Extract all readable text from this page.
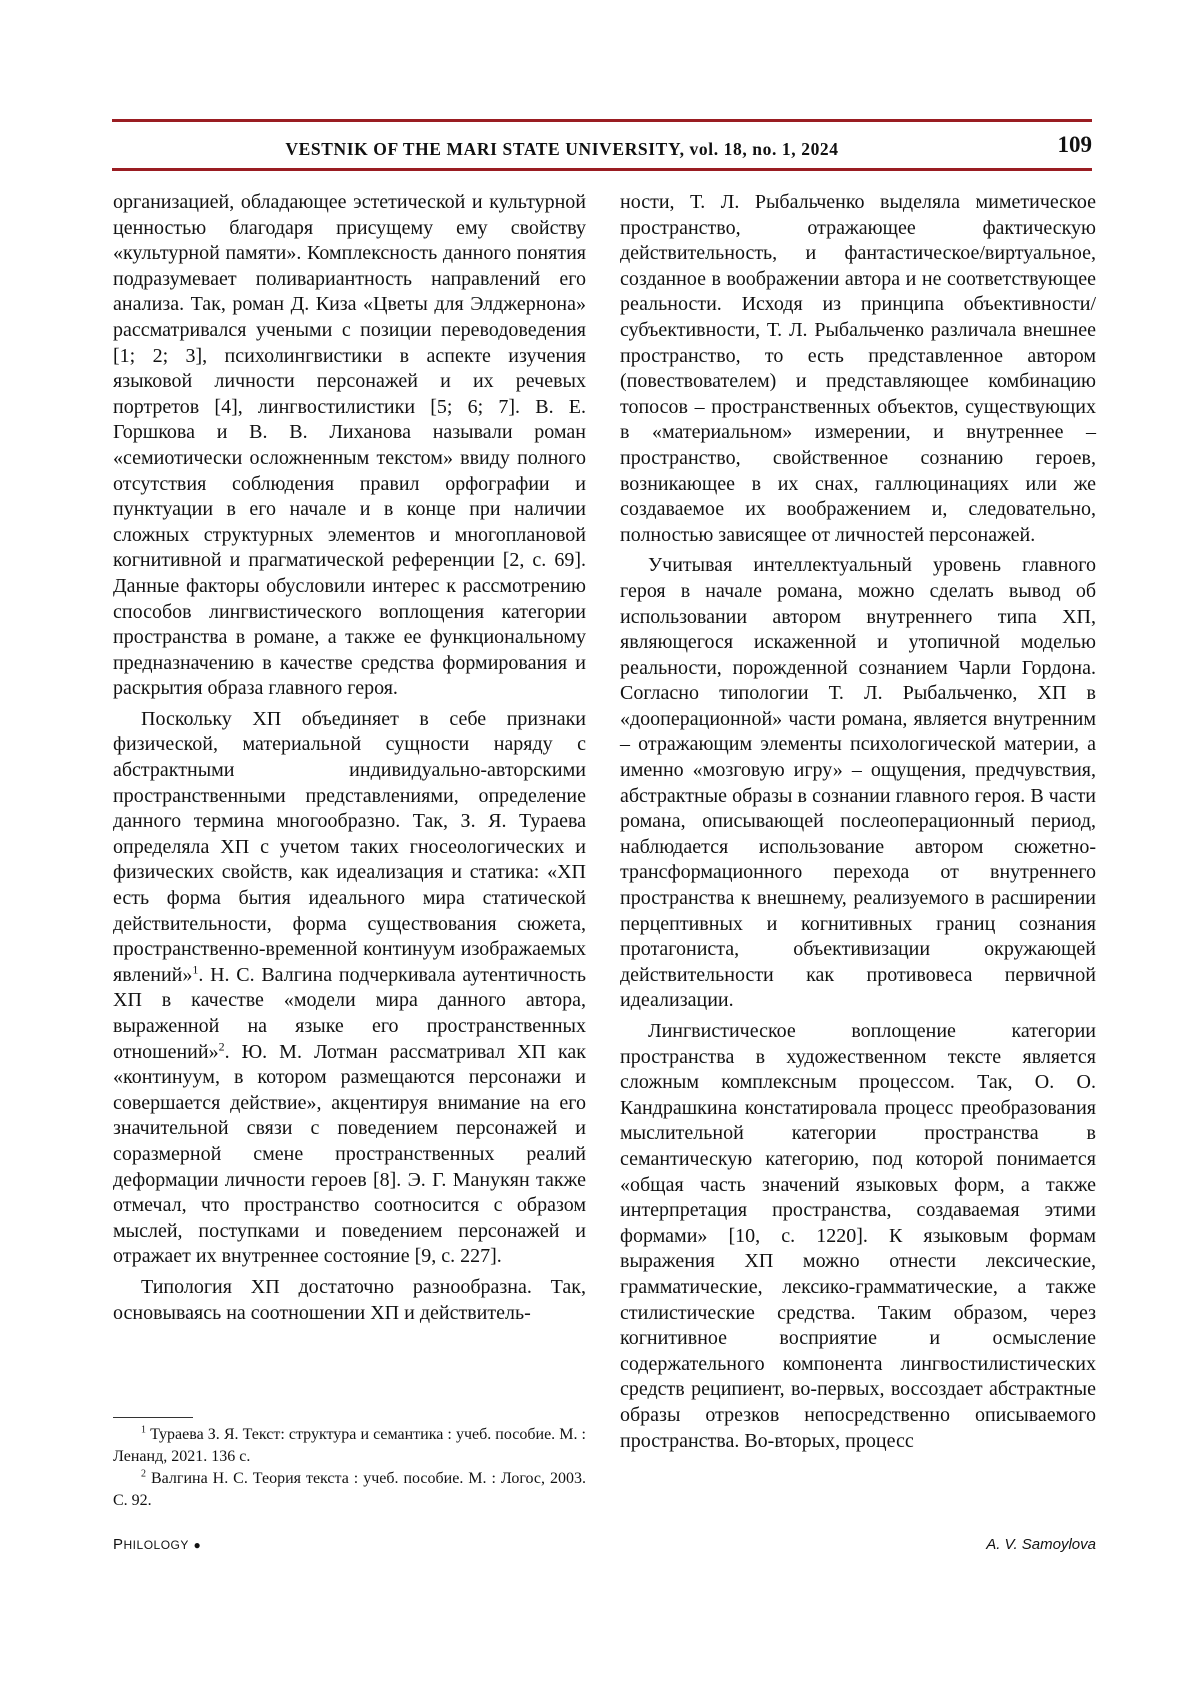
VESTNIK OF THE MARI STATE UNIVERSITY, vol. 18, no. 1, 2024	109

организацией, обладающее эстетической и культурной ценностью благодаря присущему ему свойству «культурной памяти». Комплексность данного понятия подразумевает поливариантность направлений его анализа. Так, роман Д. Киза «Цветы для Элджернона» рассматривался учеными с позиции переводоведения [1; 2; 3], психолингвистики в аспекте изучения языковой личности персонажей и их речевых портретов [4], лингвостилистики [5; 6; 7]. В. Е. Горшкова и В. В. Лиханова называли роман «семиотически осложненным текстом» ввиду полного отсутствия соблюдения правил орфографии и пунктуации в его начале и в конце при наличии сложных структурных элементов и многоплановой когнитивной и прагматической референции [2, с. 69]. Данные факторы обусловили интерес к рассмотрению способов лингвистического воплощения категории пространства в романе, а также ее функциональному предназначению в качестве средства формирования и раскрытия образа главного героя.

Поскольку ХП объединяет в себе признаки физической, материальной сущности наряду с абстрактными индивидуально-авторскими пространственными представлениями, определение данного термина многообразно. Так, З. Я. Тураева определяла ХП с учетом таких гносеологических и физических свойств, как идеализация и статика: «ХП есть форма бытия идеального мира статической действительности, форма существования сюжета, пространственно-временной континуум изображаемых явлений»$^1$. Н. С. Валгина подчеркивала аутентичность ХП в качестве «модели мира данного автора, выраженной на языке его пространственных отношений»$^2$. Ю. М. Лотман рассматривал ХП как «континуум, в котором размещаются персонажи и совершается действие», акцентируя внимание на его значительной связи с поведением персонажей и соразмерной смене пространственных реалий деформации личности героев [8]. Э. Г. Манукян также отмечал, что пространство соотносится с образом мыслей, поступками и поведением персонажей и отражает их внутреннее состояние [9, с. 227].

Типология ХП достаточно разнообразна. Так, основываясь на соотношении ХП и действитель-

$^1$ Тураева З. Я. Текст: структура и семантика : учеб. пособие. М. : Ленанд, 2021. 136 с.

$^2$ Валгина Н. С. Теория текста : учеб. пособие. М. : Логос, 2003. С. 92.

ности, Т. Л. Рыбальченко выделяла миметическое пространство, отражающее фактическую действительность, и фантастическое/виртуальное, созданное в воображении автора и не соответствующее реальности. Исходя из принципа объективности/субъективности, Т. Л. Рыбальченко различала внешнее пространство, то есть представленное автором (повествователем) и представляющее комбинацию топосов – пространственных объектов, существующих в «материальном» измерении, и внутреннее – пространство, свойственное сознанию героев, возникающее в их снах, галлюцинациях или же создаваемое их воображением и, следовательно, полностью зависящее от личностей персонажей.

Учитывая интеллектуальный уровень главного героя в начале романа, можно сделать вывод об использовании автором внутреннего типа ХП, являющегося искаженной и утопичной моделью реальности, порожденной сознанием Чарли Гордона. Согласно типологии Т. Л. Рыбальченко, ХП в «дооперационной» части романа, является внутренним – отражающим элементы психологической материи, а именно «мозговую игру» – ощущения, предчувствия, абстрактные образы в сознании главного героя. В части романа, описывающей послеоперационный период, наблюдается использование автором сюжетно-трансформационного перехода от внутреннего пространства к внешнему, реализуемого в расширении перцептивных и когнитивных границ сознания протагониста, объективизации окружающей действительности как противовеса первичной идеализации.

Лингвистическое воплощение категории пространства в художественном тексте является сложным комплексным процессом. Так, О. О. Кандрашкина констатировала процесс преобразования мыслительной категории пространства в семантическую категорию, под которой понимается «общая часть значений языковых форм, а также интерпретация пространства, создаваемая этими формами» [10, с. 1220]. К языковым формам выражения ХП можно отнести лексические, грамматические, лексико-грамматические, а также стилистические средства. Таким образом, через когнитивное восприятие и осмысление содержательного компонента лингвостилистических средств реципиент, во-первых, воссоздает абстрактные образы отрезков непосредственно описываемого пространства. Во-вторых, процесс

PHILOLOGY ●	A. V. Samoylova
